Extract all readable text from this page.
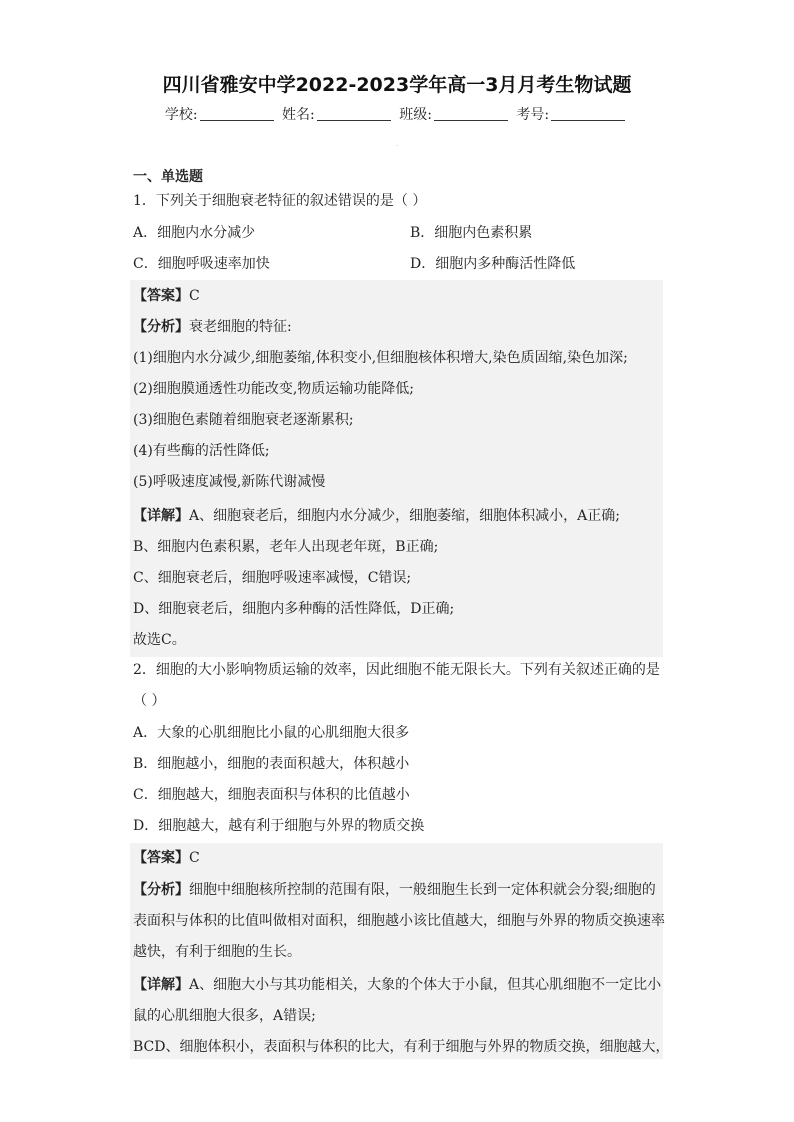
四川省雅安中学2022-2023学年高一3月月考生物试题
学校:	姓名:	班级:	考号:
·
一、单选题
1．下列关于细胞衰老特征的叙述错误的是（ ）
A．细胞内水分减少	B．细胞内色素积累
C．细胞呼吸速率加快	D．细胞内多种酶活性降低
【答案】C
【分析】衰老细胞的特征:
(1)细胞内水分减少,细胞萎缩,体积变小,但细胞核体积增大,染色质固缩,染色加深;
(2)细胞膜通透性功能改变,物质运输功能降低;
(3)细胞色素随着细胞衰老逐渐累积;
(4)有些酶的活性降低;
(5)呼吸速度减慢,新陈代谢减慢
【详解】A、细胞衰老后，细胞内水分减少，细胞萎缩，细胞体积减小，A正确;
B、细胞内色素积累，老年人出现老年斑，B正确;
C、细胞衰老后，细胞呼吸速率减慢，C错误;
D、细胞衰老后，细胞内多种酶的活性降低，D正确;
故选C。
2．细胞的大小影响物质运输的效率，因此细胞不能无限长大。下列有关叙述正确的是
（ ）
A．大象的心肌细胞比小鼠的心肌细胞大很多
B．细胞越小，细胞的表面积越大，体积越小
C．细胞越大，细胞表面积与体积的比值越小
D．细胞越大，越有利于细胞与外界的物质交换
【答案】C
【分析】细胞中细胞核所控制的范围有限，一般细胞生长到一定体积就会分裂;细胞的
表面积与体积的比值叫做相对面积，细胞越小该比值越大，细胞与外界的物质交换速率
越快，有利于细胞的生长。
【详解】A、细胞大小与其功能相关，大象的个体大于小鼠，但其心肌细胞不一定比小
鼠的心肌细胞大很多，A错误;
BCD、细胞体积小，表面积与体积的比大，有利于细胞与外界的物质交换，细胞越大，
